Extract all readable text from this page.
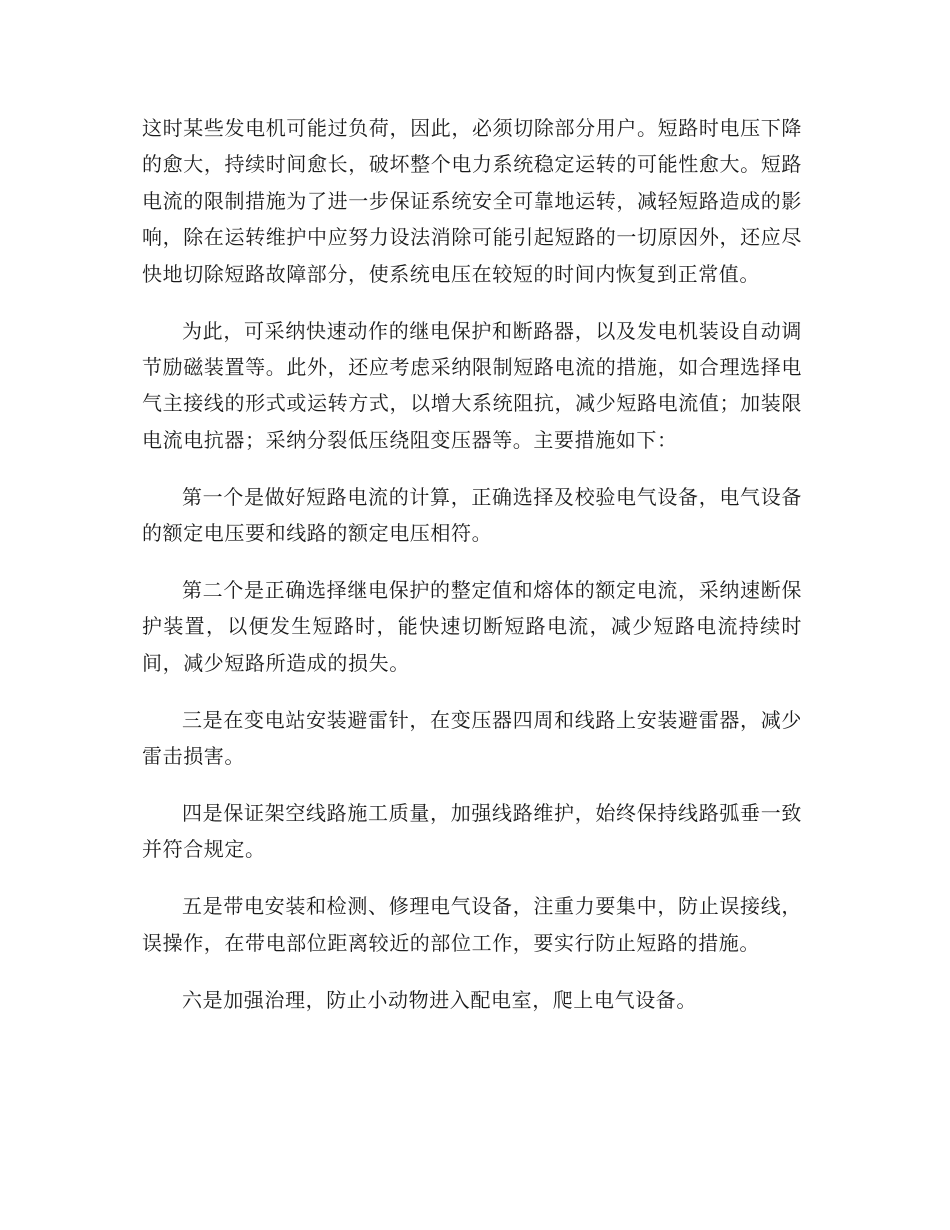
这时某些发电机可能过负荷，因此，必须切除部分用户。短路时电压下降的愈大，持续时间愈长，破坏整个电力系统稳定运转的可能性愈大。短路电流的限制措施为了进一步保证系统安全可靠地运转，减轻短路造成的影响，除在运转维护中应努力设法消除可能引起短路的一切原因外，还应尽快地切除短路故障部分，使系统电压在较短的时间内恢复到正常值。

为此，可采纳快速动作的继电保护和断路器，以及发电机装设自动调节励磁装置等。此外，还应考虑采纳限制短路电流的措施，如合理选择电气主接线的形式或运转方式，以增大系统阻抗，减少短路电流值；加装限电流电抗器；采纳分裂低压绕阻变压器等。主要措施如下：

第一个是做好短路电流的计算，正确选择及校验电气设备，电气设备的额定电压要和线路的额定电压相符。

第二个是正确选择继电保护的整定值和熔体的额定电流，采纳速断保护装置，以便发生短路时，能快速切断短路电流，减少短路电流持续时间，减少短路所造成的损失。

三是在变电站安装避雷针，在变压器四周和线路上安装避雷器，减少雷击损害。

四是保证架空线路施工质量，加强线路维护，始终保持线路弧垂一致并符合规定。

五是带电安装和检测、修理电气设备，注重力要集中，防止误接线，误操作，在带电部位距离较近的部位工作，要实行防止短路的措施。

六是加强治理，防止小动物进入配电室，爬上电气设备。
